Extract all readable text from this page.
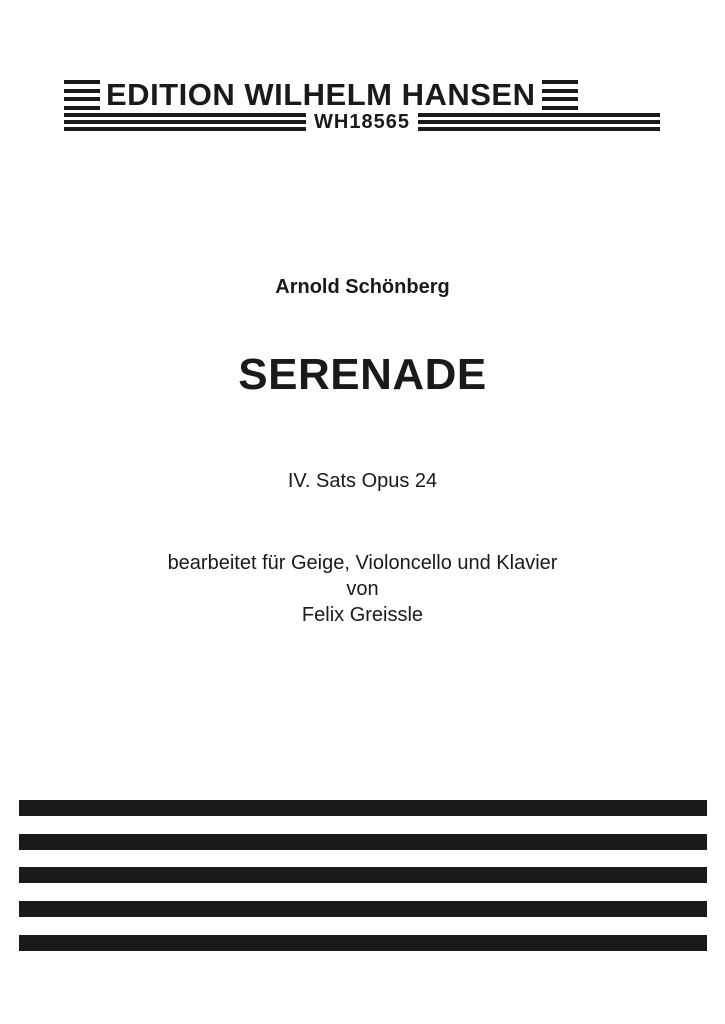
EDITION WILHELM HANSEN
WH18565
Arnold Schönberg
SERENADE
IV. Sats Opus 24
bearbeitet für Geige, Violoncello und Klavier
von
Felix Greissle
